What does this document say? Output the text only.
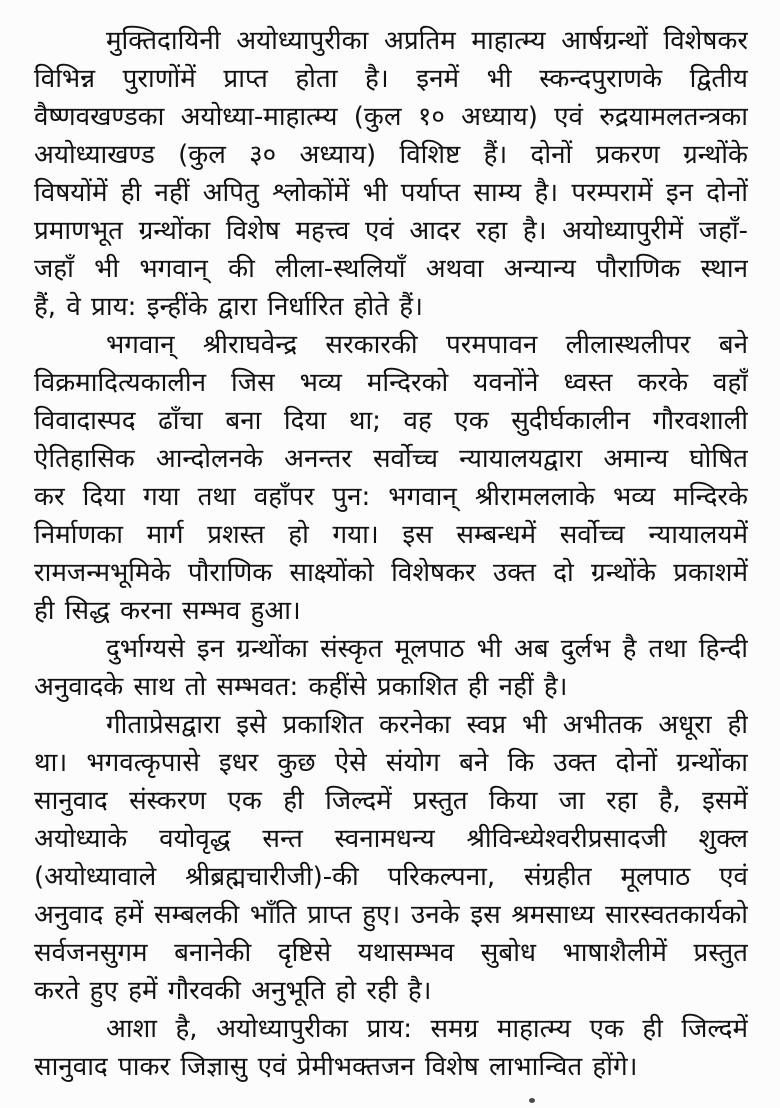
मुक्तिदायिनी अयोध्यापुरीका अप्रतिम माहात्म्य आर्षग्रन्थों विशेषकर
विभिन्न पुराणोंमें प्राप्त होता है। इनमें भी स्कन्दपुराणके द्वितीय
वैष्णवखण्डका अयोध्या-माहात्म्य (कुल १० अध्याय) एवं रुद्रयामलतन्त्रका
अयोध्याखण्ड (कुल ३० अध्याय) विशिष्ट हैं। दोनों प्रकरण ग्रन्थोंके
विषयोंमें ही नहीं अपितु श्लोकोंमें भी पर्याप्त साम्य है। परम्परामें इन दोनों
प्रमाणभूत ग्रन्थोंका विशेष महत्त्व एवं आदर रहा है। अयोध्यापुरीमें जहाँ-
जहाँ भी भगवान् की लीला-स्थलियाँ अथवा अन्यान्य पौराणिक स्थान
हैं, वे प्राय: इन्हींके द्वारा निर्धारित होते हैं।
भगवान् श्रीराघवेन्द्र सरकारकी परमपावन लीलास्थलीपर बने
विक्रमादित्यकालीन जिस भव्य मन्दिरको यवनोंने ध्वस्त करके वहाँ
विवादास्पद ढाँचा बना दिया था; वह एक सुदीर्घकालीन गौरवशाली
ऐतिहासिक आन्दोलनके अनन्तर सर्वोच्च न्यायालयद्वारा अमान्य घोषित
कर दिया गया तथा वहाँपर पुन: भगवान् श्रीरामललाके भव्य मन्दिरके
निर्माणका मार्ग प्रशस्त हो गया। इस सम्बन्धमें सर्वोच्च न्यायालयमें
रामजन्मभूमिके पौराणिक साक्ष्योंको विशेषकर उक्त दो ग्रन्थोंके प्रकाशमें
ही सिद्ध करना सम्भव हुआ।
दुर्भाग्यसे इन ग्रन्थोंका संस्कृत मूलपाठ भी अब दुर्लभ है तथा हिन्दी
अनुवादके साथ तो सम्भवत: कहींसे प्रकाशित ही नहीं है।
गीताप्रेसद्वारा इसे प्रकाशित करनेका स्वप्न भी अभीतक अधूरा ही
था। भगवत्कृपासे इधर कुछ ऐसे संयोग बने कि उक्त दोनों ग्रन्थोंका
सानुवाद संस्करण एक ही जिल्दमें प्रस्तुत किया जा रहा है, इसमें
अयोध्याके वयोवृद्ध सन्त स्वनामधन्य श्रीविन्ध्येश्वरीप्रसादजी शुक्ल
(अयोध्यावाले श्रीब्रह्मचारीजी)-की परिकल्पना, संग्रहीत मूलपाठ एवं
अनुवाद हमें सम्बलकी भाँति प्राप्त हुए। उनके इस श्रमसाध्य सारस्वतकार्यको
सर्वजनसुगम बनानेकी दृष्टिसे यथासम्भव सुबोध भाषाशैलीमें प्रस्तुत
करते हुए हमें गौरवकी अनुभूति हो रही है।
आशा है, अयोध्यापुरीका प्राय: समग्र माहात्म्य एक ही जिल्दमें
सानुवाद पाकर जिज्ञासु एवं प्रेमीभक्तजन विशेष लाभान्वित होंगे।
